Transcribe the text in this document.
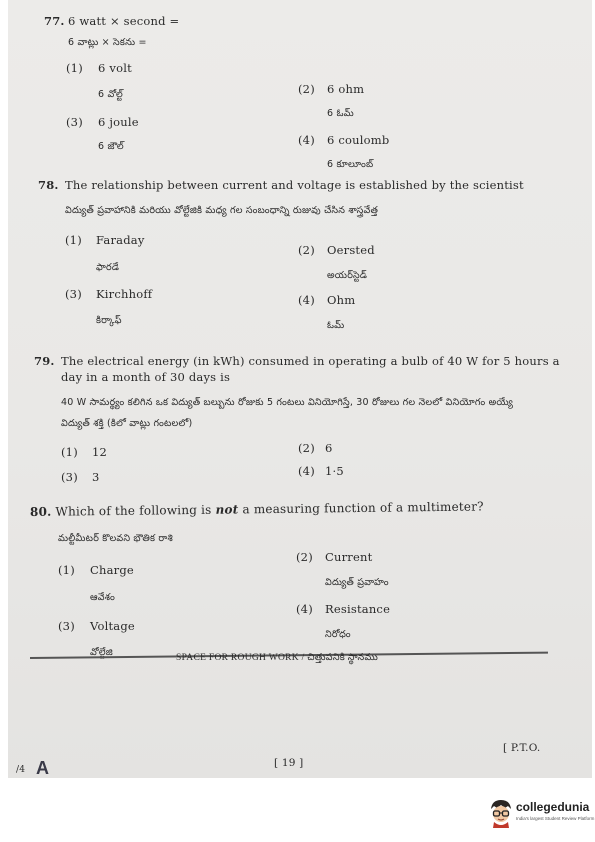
77. 6 watt × second =
6 వాట్లు × సెకను =
(1) 6 volt
6 వోల్ట్	(2) 6 ohm
6 ఓమ్
(3) 6 joule
6 జౌల్	(4) 6 coulomb
6 కూలూంబ్
78. The relationship between current and voltage is established by the scientist
విద్యుత్ ప్రవాహానికి మరియు వోల్టేజికి మధ్య గల సంబంధాన్ని రుజువు చేసిన శాస్త్రవేత్త
(1) Faraday
ఫారడే
(2) Oersted
అయర్‌స్టెడ్
(3) Kirchhoff
కిర్కాఫ్
(4) Ohm
ఓమ్
79. The electrical energy (in kWh) consumed in operating a bulb of 40 W for 5 hours a
day in a month of 30 days is
40 W సామర్థ్యం కలిగిన ఒక విద్యుత్ బల్బును రోజుకు 5 గంటలు వినియోగిస్తే, 30 రోజులు గల నెలలో వినియోగం అయ్యే
విద్యుత్ శక్తి (కిలో వాట్లు గంటలలో)
(1) 12	(2) 6
(3) 3	(4) 1·5
80. Which of the following is not a measuring function of a multimeter?
మల్టీమీటర్ కొలవని భౌతిక రాశి
(1) Charge
ఆవేశం
(2) Current
విద్యుత్ ప్రవాహం
(3) Voltage
వోల్టేజి
(4) Resistance
నిరోధం
SPACE FOR ROUGH WORK / చిత్తుపనికి స్థానము
[ 19 ]
[ P.T.O.
/4 A
collegedunia
India's largest Student Review Platform
